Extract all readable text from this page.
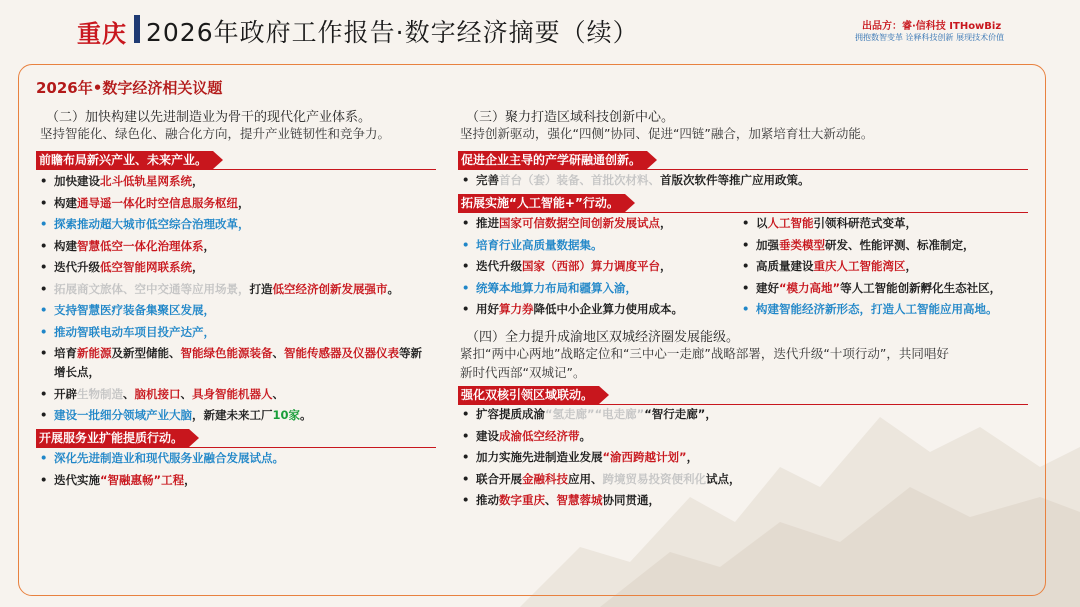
重庆 2026年政府工作报告·数字经济摘要（续）	出品方：睿·信科技 ITHowBiz
拥抱数智变革 诠释科技创新 展现技术价值
2026年•数字经济相关议题
（二）加快构建以先进制造业为骨干的现代化产业体系。
坚持智能化、绿色化、融合化方向，提升产业链韧性和竞争力。
前瞻布局新兴产业、未来产业。
• 加快建设北斗低轨星网系统，
• 构建通导遥一体化时空信息服务枢纽，
• 探索推动超大城市低空综合治理改革，
• 构建智慧低空一体化治理体系，
• 迭代升级低空智能网联系统，
• 拓展商文旅体、空中交通等应用场景，打造低空经济创新发展强市。
• 支持智慧医疗装备集聚区发展，
• 推动智联电动车项目投产达产，
• 培育新能源及新型储能、智能绿色能源装备、智能传感器及仪器仪表等新增长点，
• 开辟生物制造、脑机接口、具身智能机器人、
• 建设一批细分领域产业大脑，新建未来工厂10家。
开展服务业扩能提质行动。
• 深化先进制造业和现代服务业融合发展试点。
• 迭代实施“智融惠畅”工程，
（三）聚力打造区域科技创新中心。
坚持创新驱动，强化“四侧”协同、促进“四链”融合，加紧培育壮大新动能。
促进企业主导的产学研融通创新。
• 完善首台（套）装备、首批次材料、首版次软件等推广应用政策。
拓展实施“人工智能+”行动。
• 推进国家可信数据空间创新发展试点，
• 培育行业高质量数据集。
• 迭代升级国家（西部）算力调度平台，
• 统筹本地算力布局和疆算入渝，
• 用好算力券降低中小企业算力使用成本。
• 以人工智能引领科研范式变革，
• 加强垂类模型研发、性能评测、标准制定，
• 高质量建设重庆人工智能湾区，
• 建好“模力高地”等人工智能创新孵化生态社区，
• 构建智能经济新形态，打造人工智能应用高地。
（四）全力提升成渝地区双城经济圈发展能级。
紧扣“两中心两地”战略定位和“三中心一走廊”战略部署，迭代升级“十项行动”，共同唱好
新时代西部“双城记”。
强化双核引领区域联动。
• 扩容提质成渝“氢走廊”“电走廊”“智行走廊”，
• 建设成渝低空经济带。
• 加力实施先进制造业发展“渝西跨越计划”，
• 联合开展金融科技应用、跨境贸易投资便利化试点，
• 推动数字重庆、智慧蓉城协同贯通，
